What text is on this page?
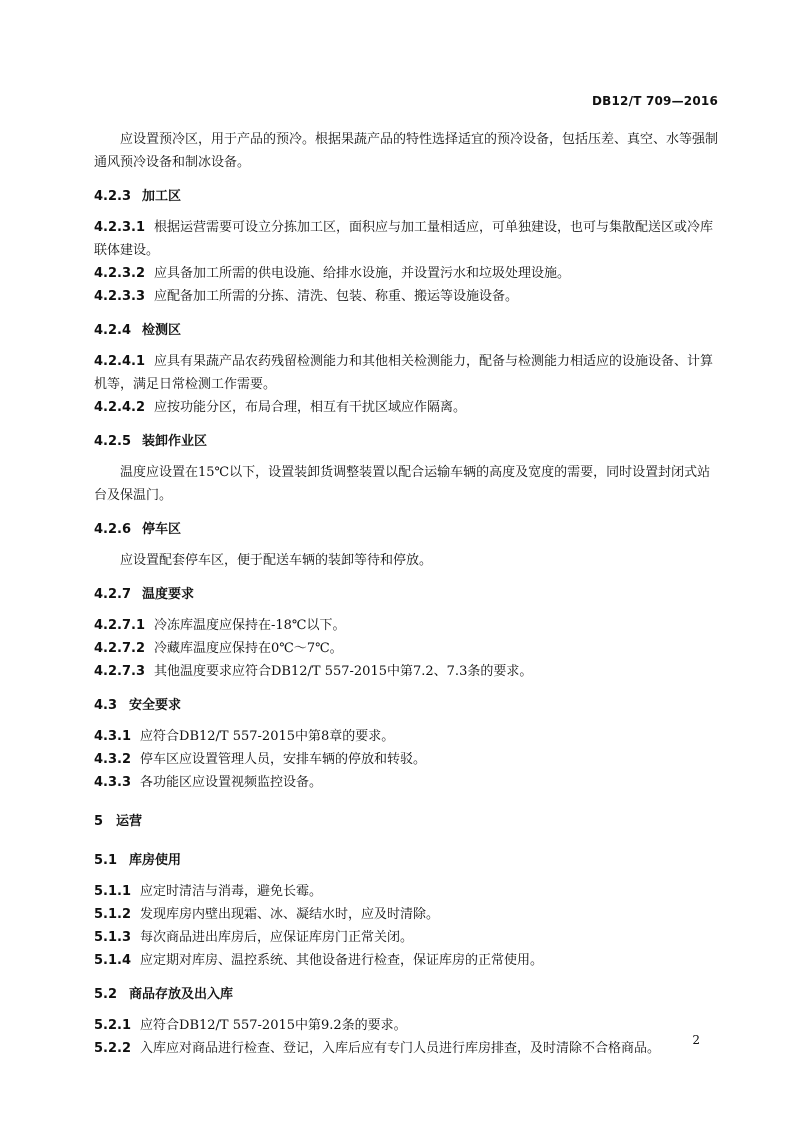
DB12/T 709—2016

应设置预冷区，用于产品的预冷。根据果蔬产品的特性选择适宜的预冷设备，包括压差、真空、水等强制通风预冷设备和制冰设备。

4.2.3 加工区

4.2.3.1 根据运营需要可设立分拣加工区，面积应与加工量相适应，可单独建设，也可与集散配送区或冷库联体建设。

4.2.3.2 应具备加工所需的供电设施、给排水设施，并设置污水和垃圾处理设施。

4.2.3.3 应配备加工所需的分拣、清洗、包装、称重、搬运等设施设备。

4.2.4 检测区

4.2.4.1 应具有果蔬产品农药残留检测能力和其他相关检测能力，配备与检测能力相适应的设施设备、计算机等，满足日常检测工作需要。

4.2.4.2 应按功能分区，布局合理，相互有干扰区域应作隔离。

4.2.5 装卸作业区

温度应设置在15℃以下，设置装卸货调整装置以配合运输车辆的高度及宽度的需要，同时设置封闭式站台及保温门。

4.2.6 停车区

应设置配套停车区，便于配送车辆的装卸等待和停放。

4.2.7 温度要求

4.2.7.1 冷冻库温度应保持在-18℃以下。

4.2.7.2 冷藏库温度应保持在0℃～7℃。

4.2.7.3 其他温度要求应符合DB12/T 557-2015中第7.2、7.3条的要求。

4.3 安全要求

4.3.1 应符合DB12/T 557-2015中第8章的要求。

4.3.2 停车区应设置管理人员，安排车辆的停放和转驳。

4.3.3 各功能区应设置视频监控设备。

5 运营

5.1 库房使用

5.1.1 应定时清洁与消毒，避免长霉。

5.1.2 发现库房内壁出现霜、冰、凝结水时，应及时清除。

5.1.3 每次商品进出库房后，应保证库房门正常关闭。

5.1.4 应定期对库房、温控系统、其他设备进行检查，保证库房的正常使用。

5.2 商品存放及出入库

5.2.1 应符合DB12/T 557-2015中第9.2条的要求。

5.2.2 入库应对商品进行检查、登记，入库后应有专门人员进行库房排查，及时清除不合格商品。

2
